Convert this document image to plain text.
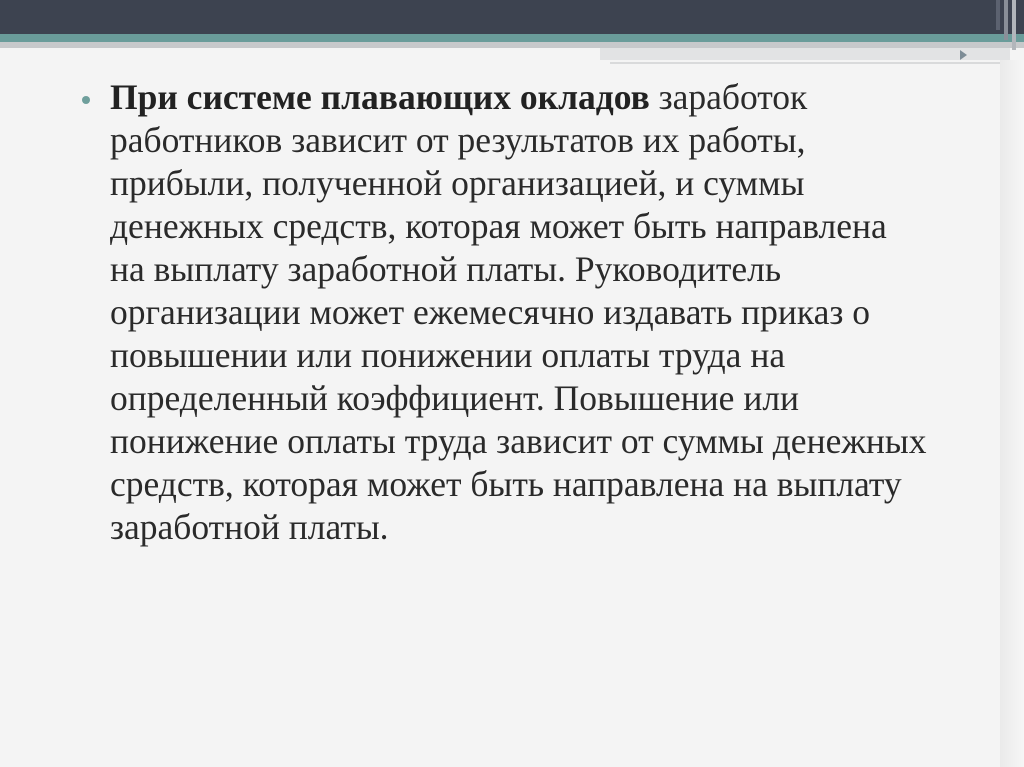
При системе плавающих окладов заработок работников зависит от результатов их работы, прибыли, полученной организацией, и суммы денежных средств, которая может быть направлена на выплату заработной платы. Руководитель организации может ежемесячно издавать приказ о повышении или понижении оплаты труда на определенный коэффициент. Повышение или понижение оплаты труда зависит от суммы денежных средств, которая может быть направлена на выплату заработной платы.
